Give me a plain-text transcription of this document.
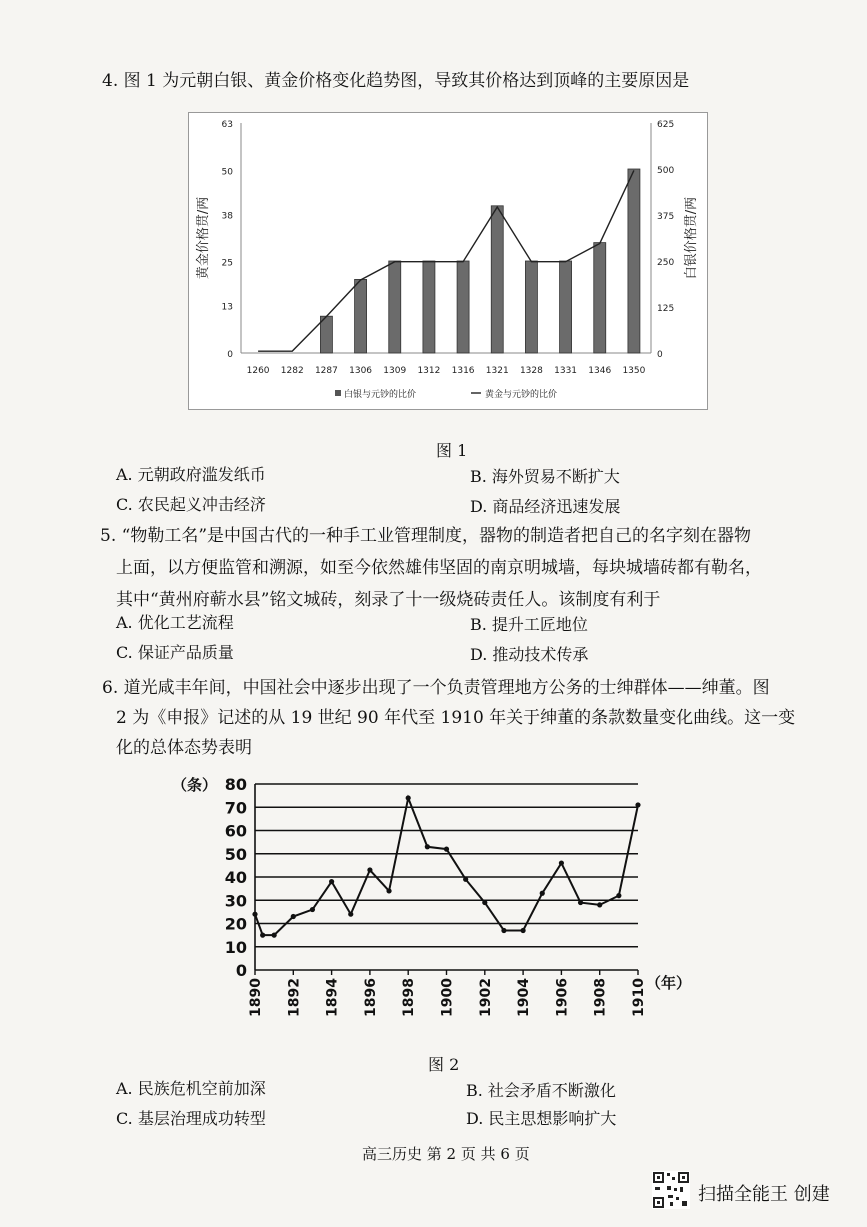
4. 图 1 为元朝白银、黄金价格变化趋势图，导致其价格达到顶峰的主要原因是
0
13
25
38
50
63
0
125
250
375
500
625
1260 1282 1287 1306 1309 1312 1316 1321 1328 1331 1346 1350
黄金价格贯/两	白银价格贯/两
白银与元钞的比价	黄金与元钞的比价
图 1
A. 元朝政府滥发纸币	B. 海外贸易不断扩大
C. 农民起义冲击经济	D. 商品经济迅速发展
5. “物勒工名”是中国古代的一种手工业管理制度，器物的制造者把自己的名字刻在器物
上面，以方便监管和溯源，如至今依然雄伟坚固的南京明城墙，每块城墙砖都有勒名，
其中“黄州府蕲水县”铭文城砖，刻录了十一级烧砖责任人。该制度有利于
A. 优化工艺流程	B. 提升工匠地位
C. 保证产品质量	D. 推动技术传承
6. 道光咸丰年间，中国社会中逐步出现了一个负责管理地方公务的士绅群体——绅董。图
2 为《申报》记述的从 19 世纪 90 年代至 1910 年关于绅董的条款数量变化曲线。这一变
化的总体态势表明
0
10
20
30
40
50
60
70
80
（条）
1890 1892 1894 1896 1898 1900 1902 1904 1906 1908 1910 （年）
图 2
A. 民族危机空前加深	B. 社会矛盾不断激化
C. 基层治理成功转型	D. 民主思想影响扩大
高三历史 第 2 页 共 6 页
扫描全能王 创建
